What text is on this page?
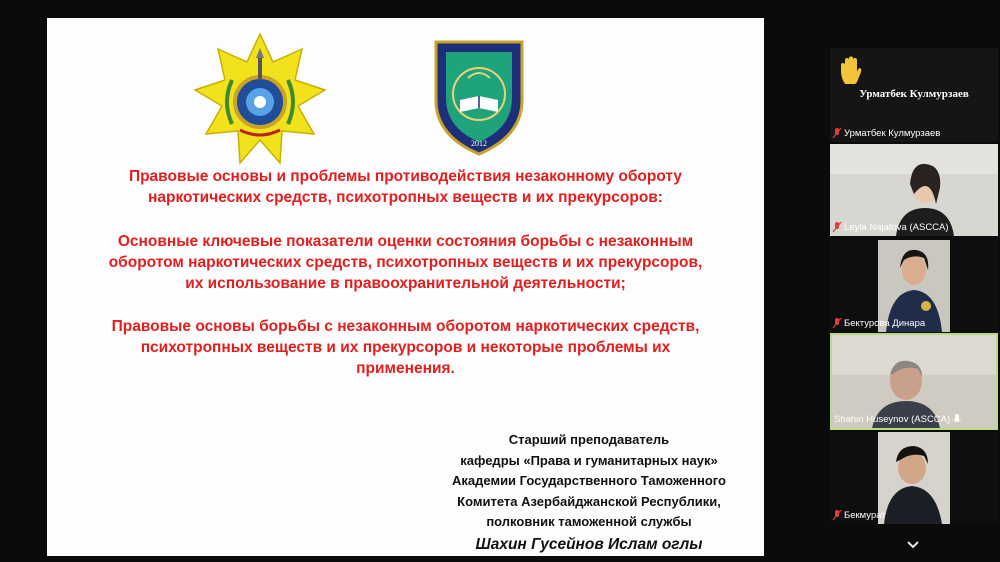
2012
Правовые основы и проблемы противодействия незаконному обороту
наркотических средств, психотропных веществ и их прекурсоров:
Основные ключевые показатели оценки состояния борьбы с незаконным
оборотом наркотических средств, психотропных веществ и их прекурсоров,
их использование в правоохранительной деятельности;
Правовые основы борьбы с незаконным оборотом наркотических средств,
психотропных веществ и их прекурсоров и некоторые проблемы их
применения.
Старший преподаватель
кафедры «Права и гуманитарных наук»
Академии Государственного Таможенного
Комитета Азербайджанской Республики,
полковник таможенной службы
Шахин Гусейнов Ислам оглы
Урматбек Кулмурзаев
Урматбек Кулмурзаев
Leyla Najafova (ASCCA)
Бектурова Динара
Shahin Huseynov (ASCCA)
Бекмурат
